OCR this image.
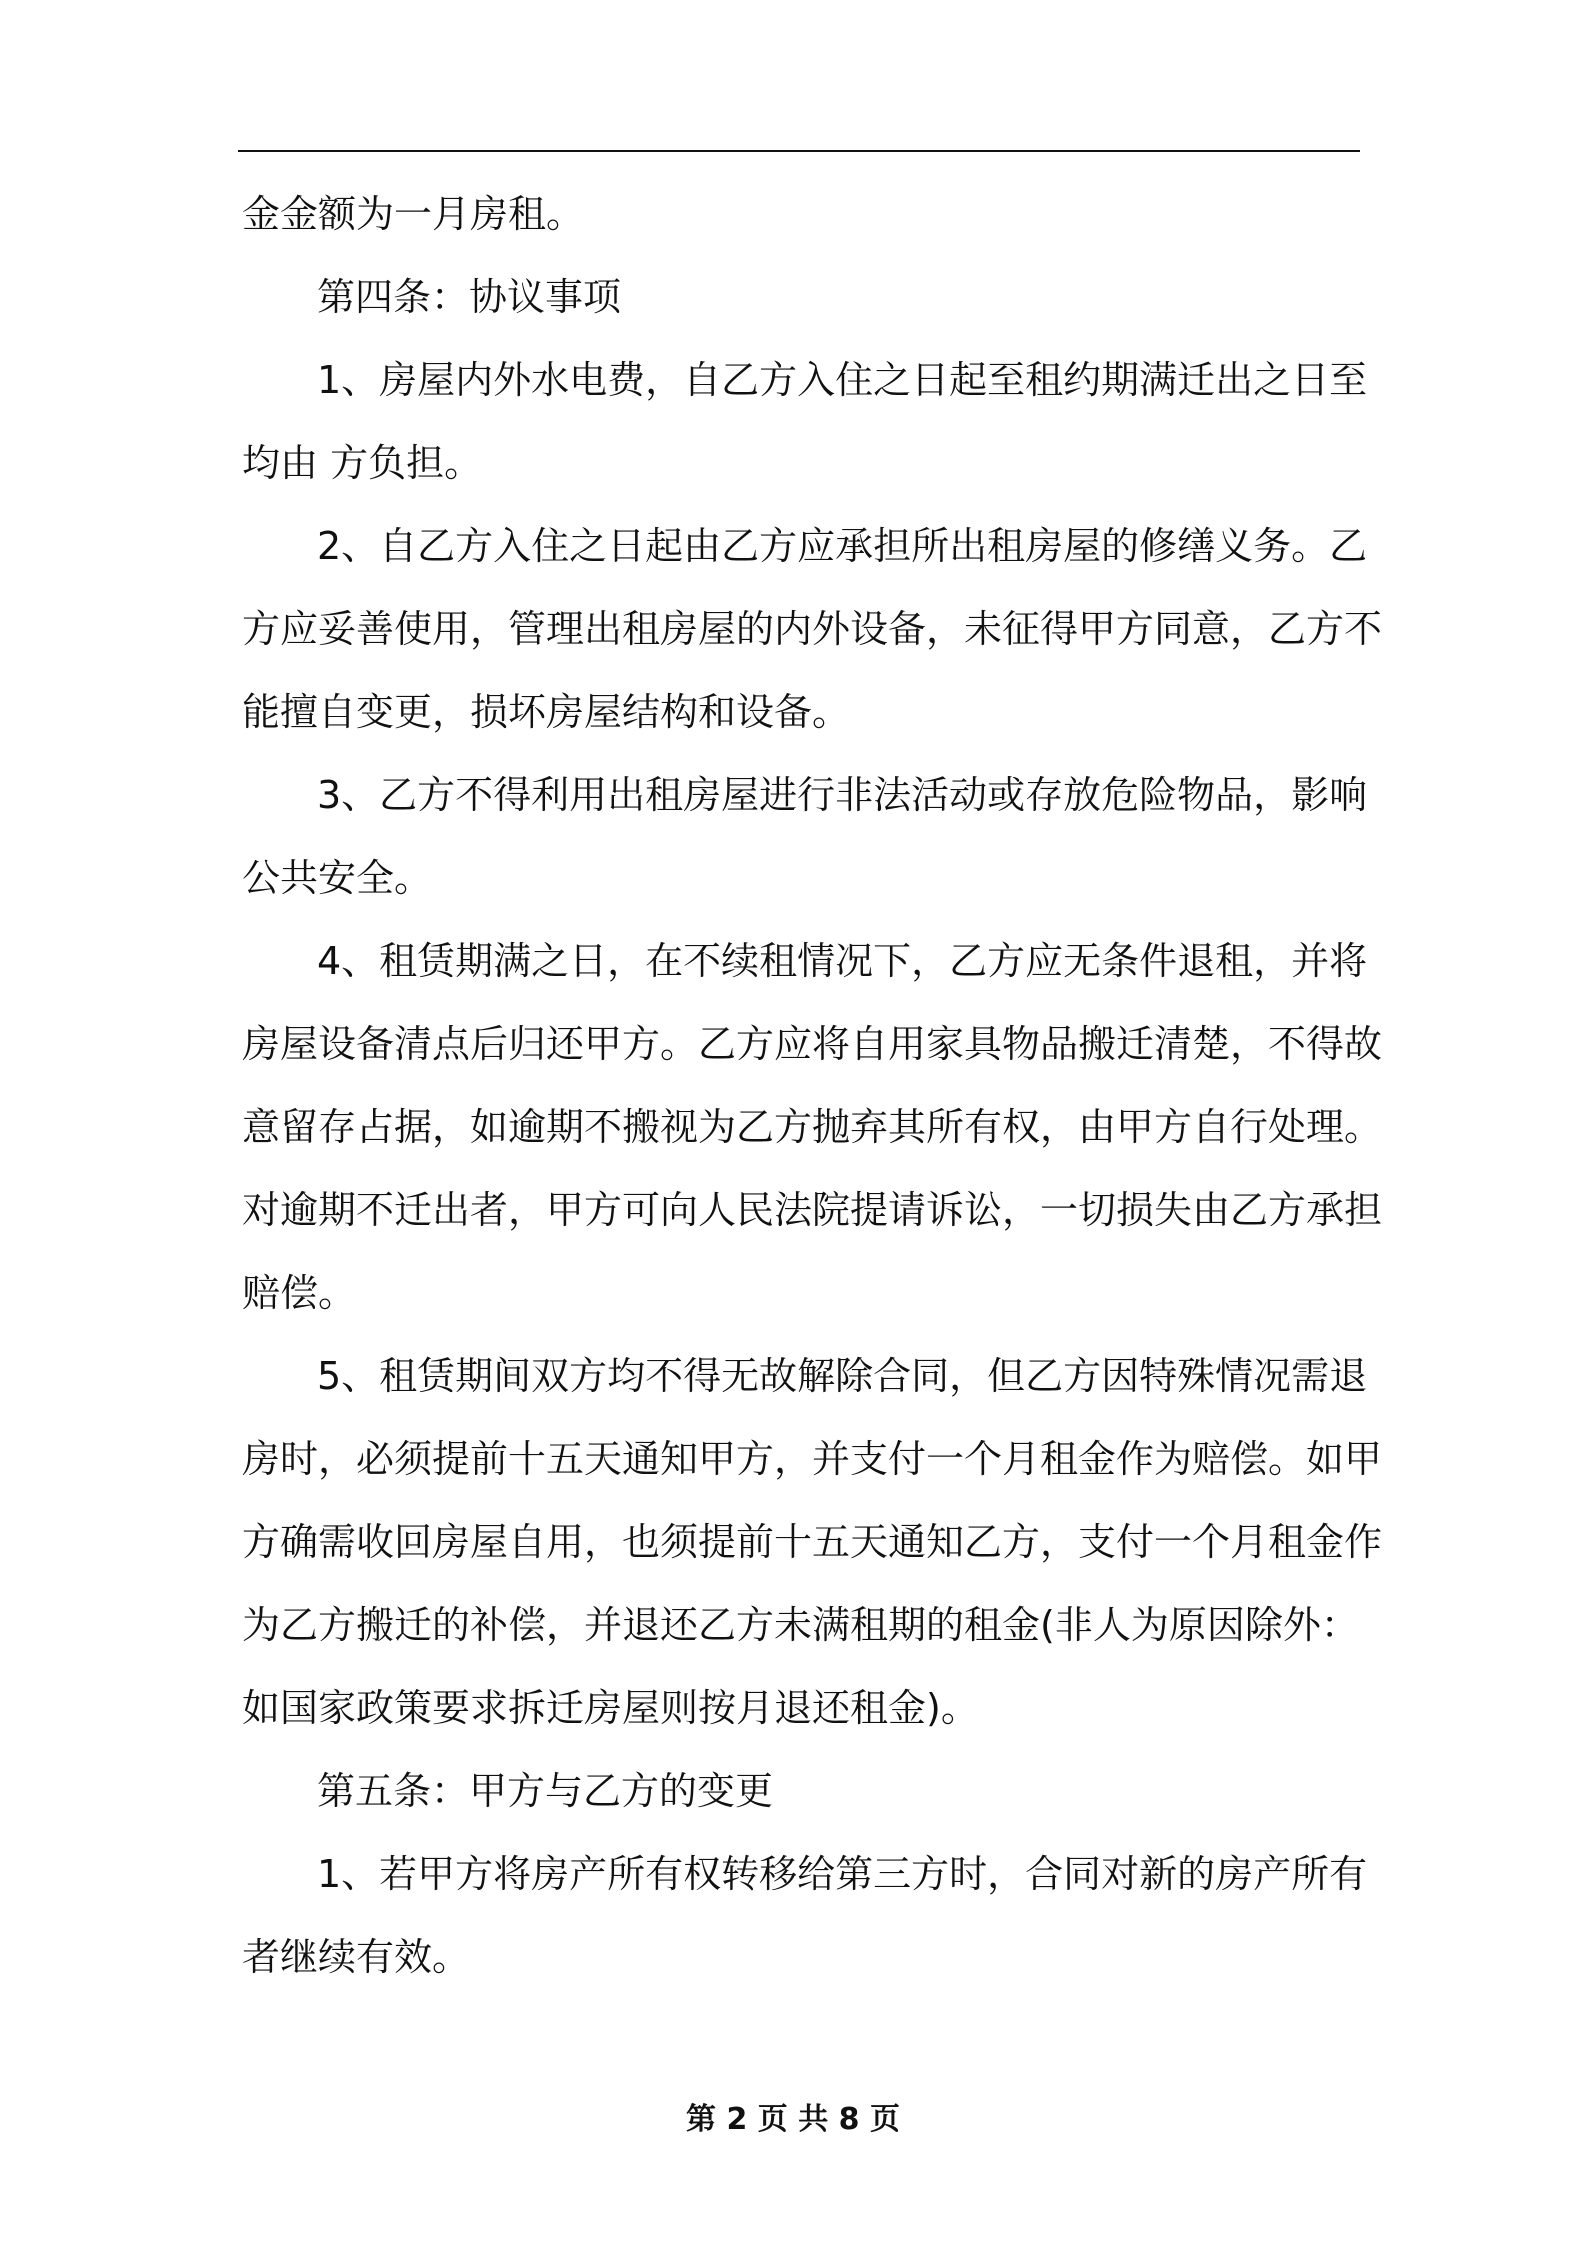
金金额为一月房租。
第四条：协议事项
1、房屋内外水电费，自乙方入住之日起至租约期满迁出之日至
均由 方负担。
2、自乙方入住之日起由乙方应承担所出租房屋的修缮义务。乙
方应妥善使用，管理出租房屋的内外设备，未征得甲方同意，乙方不
能擅自变更，损坏房屋结构和设备。
3、乙方不得利用出租房屋进行非法活动或存放危险物品，影响
公共安全。
4、租赁期满之日，在不续租情况下，乙方应无条件退租，并将
房屋设备清点后归还甲方。乙方应将自用家具物品搬迁清楚，不得故
意留存占据，如逾期不搬视为乙方抛弃其所有权，由甲方自行处理。
对逾期不迁出者，甲方可向人民法院提请诉讼，一切损失由乙方承担
赔偿。
5、租赁期间双方均不得无故解除合同，但乙方因特殊情况需退
房时，必须提前十五天通知甲方，并支付一个月租金作为赔偿。如甲
方确需收回房屋自用，也须提前十五天通知乙方，支付一个月租金作
为乙方搬迁的补偿，并退还乙方未满租期的租金(非人为原因除外：
如国家政策要求拆迁房屋则按月退还租金)。
第五条：甲方与乙方的变更
1、若甲方将房产所有权转移给第三方时，合同对新的房产所有
者继续有效。
第 2 页 共 8 页
